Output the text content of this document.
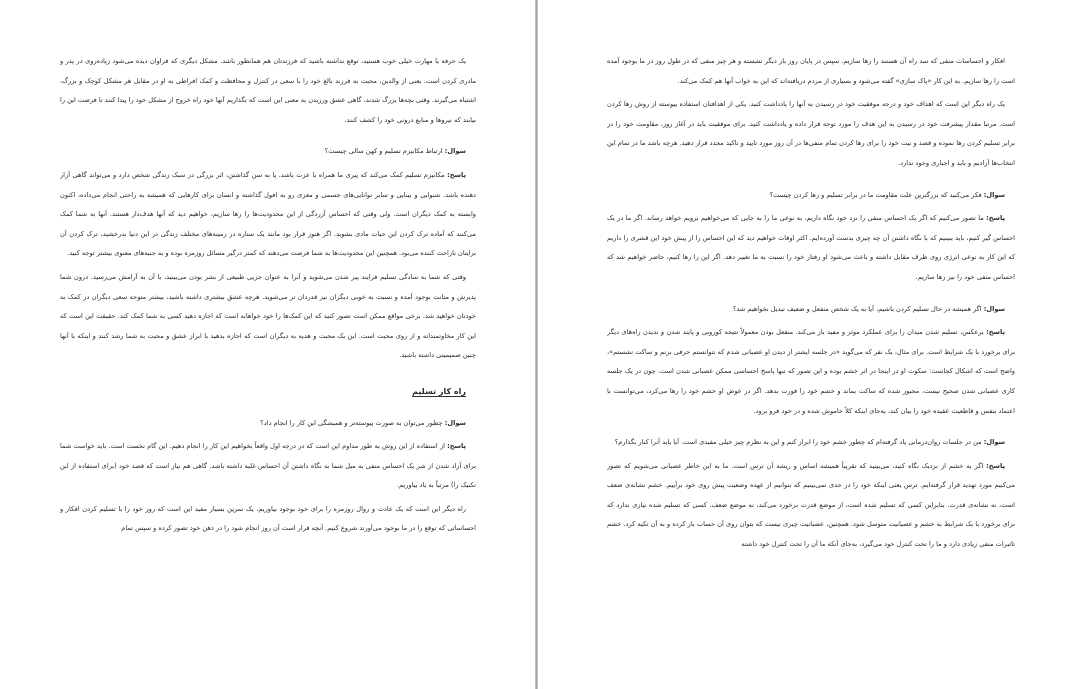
افکار و احساسات منفی که سد راه آن هستند را رها سازیم. سپس در پایان روز باز دیگر نشسته و هر چیز منفی که در طول روز در ما بوجود آمده است را رها سازیم. به این کار «پاک سازی» گفته می‌شود و بسیاری از مردم دریافته‌اند که این به خواب آنها هم کمک می‌کند.

یک راه دیگر این است که اهداف خود و درجه موفقیت خود در رسیدن به آنها را یادداشت کنید. یکی از اهدافتان استفاده پیوسته از روش رها کردن است. مرتبا مقدار پیشرفت خود در رسیدن به این هدف را مورد توجه قرار داده و یادداشت کنید. برای موفقیت باید در آغاز روز، مقاومت خود را در برابر تسلیم کردن رها نموده و قصد و نیت خود را برای رها کردن تمام منفی‌ها در آن روز مورد تایید و تاکید مجدد قرار دهید. هرچه باشد ما در تمام این انتخاب‌ها آزادیم و باید و اجباری وجود ندارد.

سوال: فکر می‌کنید که بزرگترین علت مقاومت ما در برابر تسلیم و رها کردن چیست؟

پاسخ: ما تصور می‌کنیم که اگر یک احساس منفی را نزد خود نگاه داریم، به نوعی ما را به جایی که می‌خواهیم برویم خواهد رساند. اگر ما در یک احساس گیر کنیم، باید ببینیم که با نگاه داشتن آن چه چیزی بدست آورده‌ایم. اکثر اوقات خواهیم دید که این احساس را از پیش خود این قشری را داریم که این کار به نوعی انرژی روی طرف مقابل داشته و باعث می‌شود او رفتار خود را نسبت به ما تغییر دهد. اگر این را رها کنیم، حاضر خواهیم شد که احساس منفی خود را نیز رها سازیم.

سوال: اگر همیشه در حال تسلیم کردن باشیم، آیا به یک شخص منفعل و ضعیف تبدیل نخواهیم شد؟

پاسخ: برعکس، تسلیم شدن میدان را برای عملکرد موثر و مفید باز می‌کند. منفعل بودن معمولاً نتیجه کوروبی و پایند شدن و ندیدن راه‌های دیگر برای برخورد با یک شرایط است. برای مثال، یک نفر که می‌گوید «در جلسه ایشتر از دیدن او عصبانی شدم که نتوانستم حرفی بزنم و ساکت نشستم»، واضح است که اشکال کجاست: سکوت او در اینجا در اثر خشم بوده و این تصور که تنها پاسخ احساسی ممکن عصبانی شدن است. چون در یک جلسه کاری عصبانی شدن صحیح نیست، مجبور شده که ساکت بماند و خشم خود را فورت بدهد. اگر در عوض او خشم خود را رها می‌کرد، می‌توانست با اعتماد بنفس و قاطعیت عقیده خود را بیان کند، به‌جای اینکه کلاً خاموش شده و در خود فرو برود.

سوال: من در جلسات روان‌درمانی یاد گرفته‌ام که چطور خشم خود را ابراز کنم و این به نظرم چیز خیلی مفیدی است. آیا باید آنرا کنار بگذارم؟

پاسخ: اگر به خشم از نزدیک نگاه کنید، می‌بینید که تقریباً همیشه اساس و ریشه آن ترس است. ما به این خاطر عصبانی می‌شویم که تصور می‌کنیم مورد تهدید قرار گرفته‌ایم. ترس یعنی اینکه خود را در حدی نمی‌بینیم که بتوانیم از عهده وضعیت پیش روی خود برآییم. خشم نشانه‌ی ضعف است، نه نشانه‌ی قدرت. بنابراین کسی که تسلیم شده است، از موضع قدرت برخورد می‌کند، نه موضع ضعف. کسی که تسلیم شده نیازی ندارد که برای برخورد با یک شرایط به خشم و عصبانیت متوسل شود. همچنین، عصبانیت چیزی نیست که بتوان روی آن حساب باز کرده و به آن تکیه کرد. خشم تاثیرات منفی زیادی دارد و ما را تحت کنترل خود می‌گیرد، به‌جای آنکه ما آن را تحت کنترل خود داشته

یک حرفه یا مهارت خیلی خوب هستید، توقع نداشته باشید که فرزندتان هم همانطور باشد. مشکل دیگری که فراوان دیده می‌شود زیاده‌روی در پدر و مادری کردن است. یعنی از والدین، محبت به فرزند بالغ خود را با سعی در کنترل و محافظت و کمک افراطی به او در مقابل هر مشکل کوچک و بزرگ، اشتباه می‌گیرند. وقتی بچه‌ها بزرگ شدند، گاهی عشق ورزیدن به معنی این است که بگذاریم آنها خود راه خروج از مشکل خود را پیدا کنند تا فرصت این را بیابند که نیروها و منابع درونی خود را کشف کنند.

سوال: ارتباط مکانیزم تسلیم و کهن سالی چیست؟

پاسخ: مکانیزم تسلیم کمک می‌کند که پیری ما همراه با عزت باشد. پا به سن گذاشتن، اثر بزرگی در سبک زندگی شخص دارد و می‌تواند گاهی آزار دهنده باشد. شنوایی و بینایی و سایر توانایی‌های جسمی و مغزی رو به افول گذاشته و انسان برای کارهایی که همیشه به راحتی انجام می‌داده، اکنون وابسته به کمک دیگران است. ولی وقتی که احساس آزردگی از این محدودیت‌ها را رها سازیم، خواهیم دید که آنها هدف‌دار هستند. آنها به شما کمک می‌کنند که آماده ترک کردن این حیات مادی بشوید. اگر هنوز قرار بود مانند یک ستاره در زمینه‌های مختلف زندگی در این دنیا بدرخشید، ترک کردن آن برایتان ناراحت کننده می‌بود. همچنین این محدودیت‌ها به شما فرصت می‌دهند که کمتر درگیر مسائل روزمره بوده و به جنبه‌های معنوی بیشتر توجه کنید.

وقتی که شما به سادگی تسلیم فرایند پیر شدن می‌شوید و آنرا به عنوان جزیی طبیعی از بشر بودن می‌بینید، با آن به آرامش می‌رسید. درون شما پذیرش و متانت بوجود آمده و نسبت به خوبی دیگران نیز قدردان تر می‌شوید. هرچه عشق بیشتری داشته باشید، بیشتر متوجه سعی دیگران در کمک به خودتان خواهید شد. برخی مواقع ممکن است تصور کنید که این کمک‌ها را خود خواهانه است که اجازه دهید کسی به شما کمک کند. حقیقت این است که این کار مخاوتمندانه و از روی محبت است. این یک محبت و هدیه به دیگران است که اجازه بدهید با ابراز عشق و محبت به شما رشد کنند و اینکه با آنها چنین صمیمیتی داشته باشید.

راه کار تسلیم

سوال: چطور می‌توان به صورت پیوسته‌تر و همیشگی این کار را انجام داد؟

پاسخ: از استفاده از این روش به طور مداوم این است که در درجه اول واقعاً بخواهیم این کار را انجام دهیم. این گام نخست است. باید خواست شما برای آزاد شدن از شر یک احساس منفی به میل شما به نگاه داشتن آن احساس غلبه داشته باشد. گاهی هم نیاز است که قصد خود (برای استفاده از این تکنیک را) مرتباً به یاد بیاوریم.

راه دیگر این است که یک عادت و روال روزمره را برای خود بوجود بیاوریم. یک تمرین بسیار مفید این است که روز خود را با تسلیم کردن افکار و احساساتی که توقع را در ما بوجود می‌آورند شروع کنیم. آنچه قرار است آن روز انجام شود را در ذهن خود تصور کرده و سپس تمام
